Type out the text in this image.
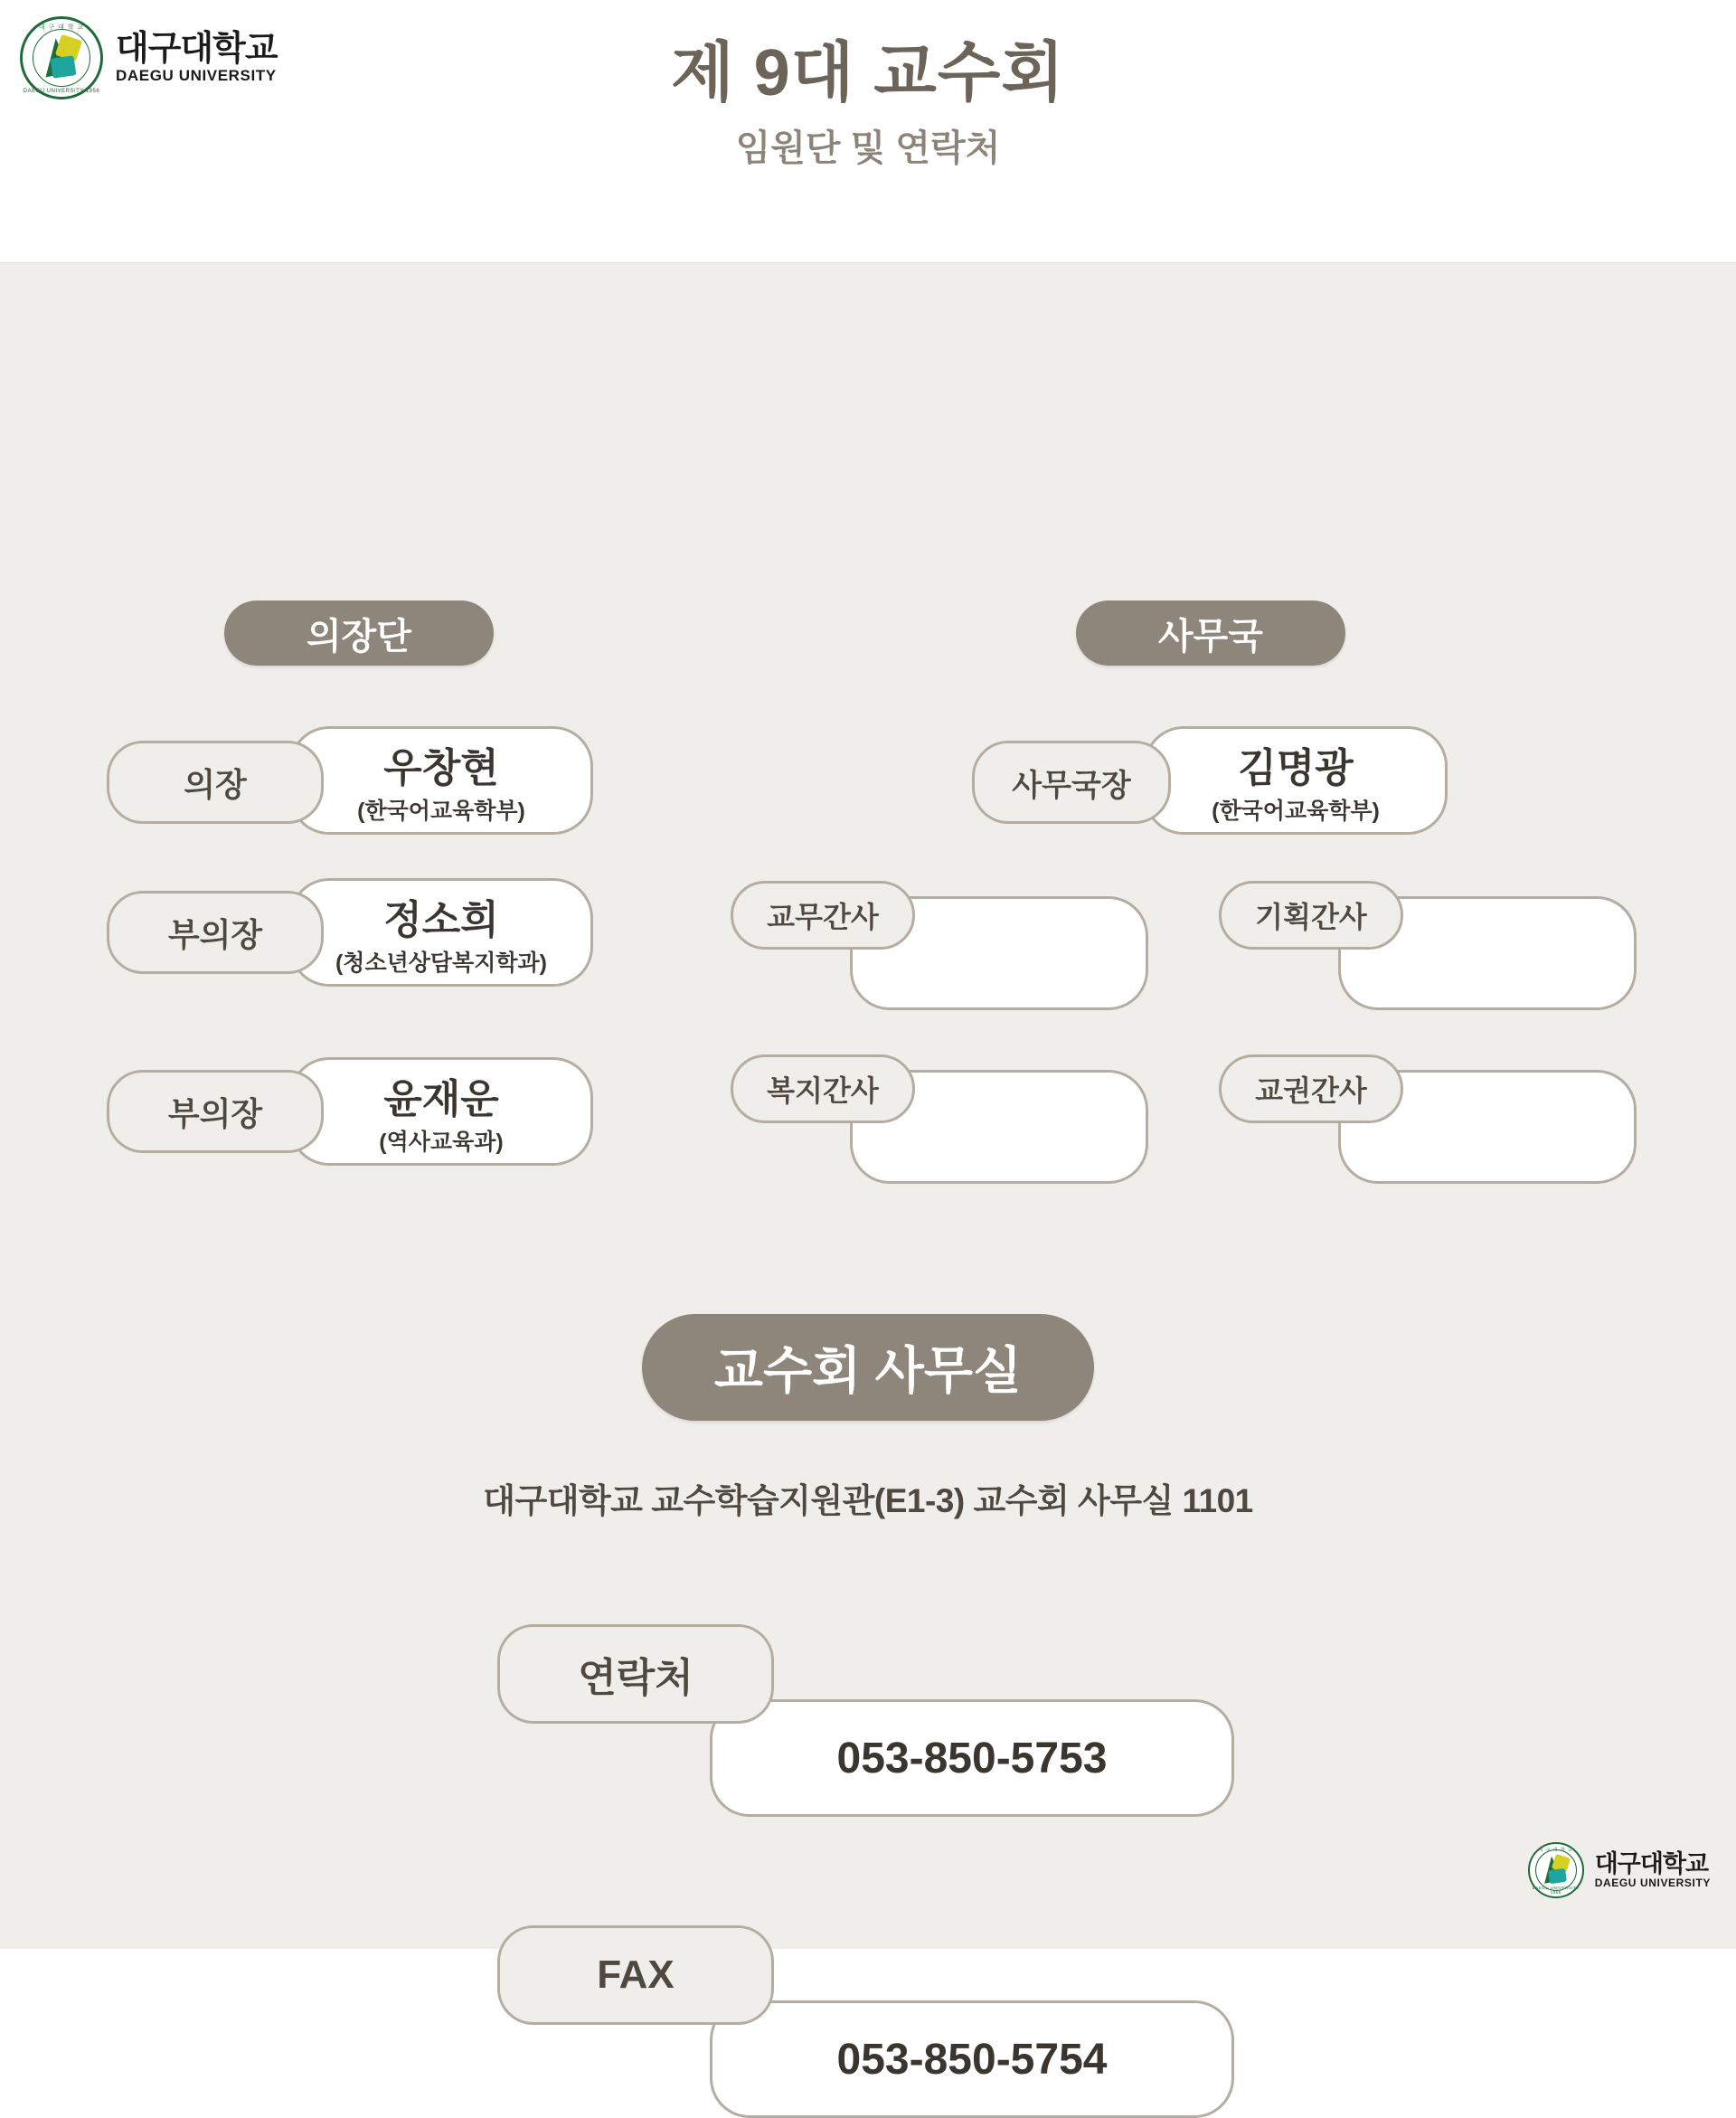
대 구 대 학 교
DAEGU UNIVERSITY 1956
대구대학교
DAEGU UNIVERSITY	제 9대 교수회
임원단 및 연락처
의장단
의장	우창현
(한국어교육학부)
부의장	정소희
(청소년상담복지학과)
부의장	윤재운
(역사교육과)
사무국
사무국장	김명광
(한국어교육학부)
교무간사	기획간사
복지간사	교권간사
교수회 사무실
대구대학교 교수학습지원관(E1-3) 교수회 사무실 1101
연락처
053-850-5753
FAX
053-850-5754
대 구 대 학 교
DAEGU UNIVERSITY 1956
대구대학교
DAEGU UNIVERSITY
